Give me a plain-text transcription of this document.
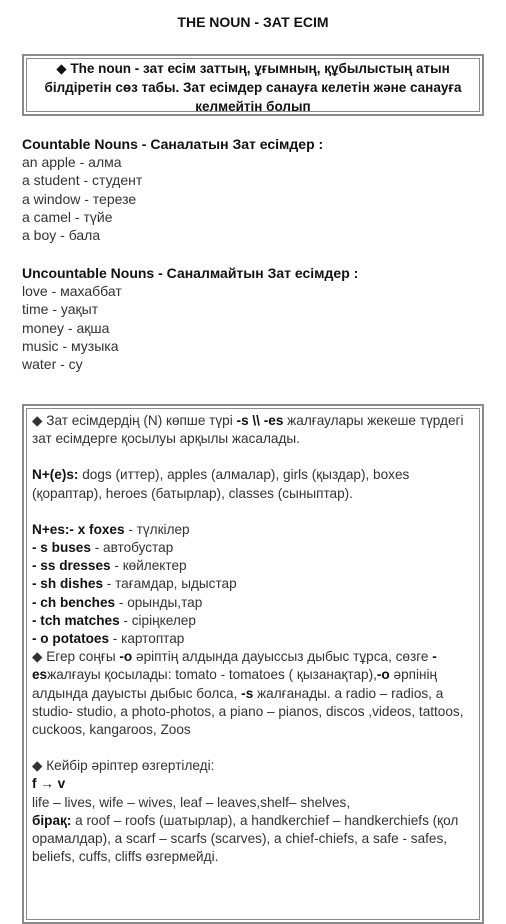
THE NOUN - ЗАТ ЕСІМ
◆ The noun - зат есім заттың, ұғымның, құбылыстың атын білдіретін сөз табы. Зат есімдер санауға келетін және санауға келмейтін болып
Countable Nouns - Саналатын Зат есімдер :
an apple - алма
a student - студент
a window - терезе
a camel - түйе
a boy - бала
Uncountable Nouns - Саналмайтын Зат есімдер :
love - махаббат
time - уақыт
money - ақша
music - музыка
water - су
◆ Зат есімдердің (N) көпше түрі -s \\ -es жалғаулары жекеше түрдегі зат есімдерге қосылуы арқылы жасалады.
N+(e)s: dogs (иттер), apples (алмалар), girls (қыздар), boxes (қораптар), heroes (батырлар), classes (сыныптар).
N+es:- x foxes - түлкілер
- s buses - автобустар
- ss dresses - көйлектер
- sh dishes - тағамдар, ыдыстар
- ch benches - орынды,тар
- tch matches - сіріңкелер
- o potatoes - картоптар
◆ Егер соңғы -о әріптің алдында дауыссыз дыбыс тұрса, сөзге -esжалғауы қосылады: tomato - tomatoes ( қызанақтар),-o әрпінің алдында дауысты дыбыс болса, -s жалғанады. a radio – radios, a studio- studio, a photo-photos, a piano – pianos, discos ,videos, tattoos, cuckoos, kangaroos, Zoos
◆ Кейбір әріптер өзгертіледі:
f → v
life – lives, wife – wives, leaf – leaves,shelf– shelves,
бірақ: a roof – roofs (шатырлар), a handkerchief – handkerchiefs (қол орамалдар), a scarf – scarfs (scarves), a chief-chiefs, a safe - safes, beliefs, cuffs, cliffs өзгермейді.
